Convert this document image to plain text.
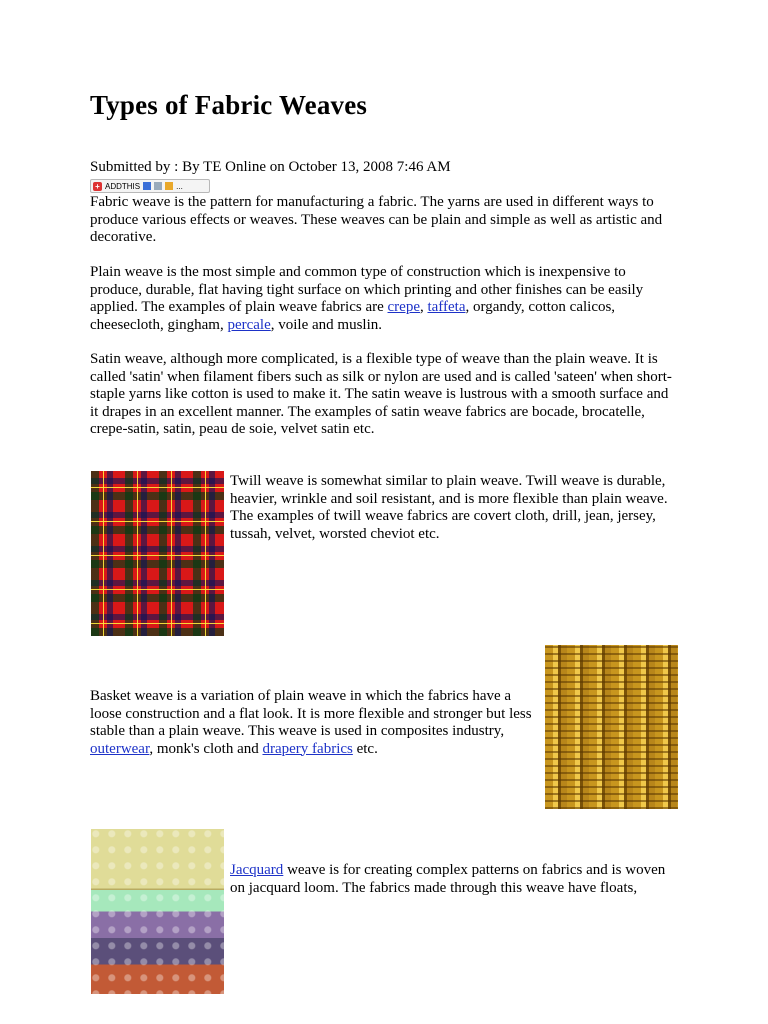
Types of Fabric Weaves
Submitted by : By TE Online on October 13, 2008 7:46 AM
+ ADDTHIS	...

Fabric weave is the pattern for manufacturing a fabric. The yarns are used in different ways to produce various effects or weaves. These weaves can be plain and simple as well as artistic and decorative.

Plain weave is the most simple and common type of construction which is inexpensive to produce, durable, flat having tight surface on which printing and other finishes can be easily applied. The examples of plain weave fabrics are crepe, taffeta, organdy, cotton calicos, cheesecloth, gingham, percale, voile and muslin.

Satin weave, although more complicated, is a flexible type of weave than the plain weave. It is called 'satin' when filament fibers such as silk or nylon are used and is called 'sateen' when short-staple yarns like cotton is used to make it. The satin weave is lustrous with a smooth surface and it drapes in an excellent manner. The examples of satin weave fabrics are bocade, brocatelle, crepe-satin, satin, peau de soie, velvet satin etc.

Twill weave is somewhat similar to plain weave. Twill weave is durable, heavier, wrinkle and soil resistant, and is more flexible than plain weave. The examples of twill weave fabrics are covert cloth, drill, jean, jersey, tussah, velvet, worsted cheviot etc.

Basket weave is a variation of plain weave in which the fabrics have a loose construction and a flat look. It is more flexible and stronger but less stable than a plain weave. This weave is used in composites industry, outerwear, monk's cloth and drapery fabrics etc.

Jacquard weave is for creating complex patterns on fabrics and is woven on jacquard loom. The fabrics made through this weave have floats,
